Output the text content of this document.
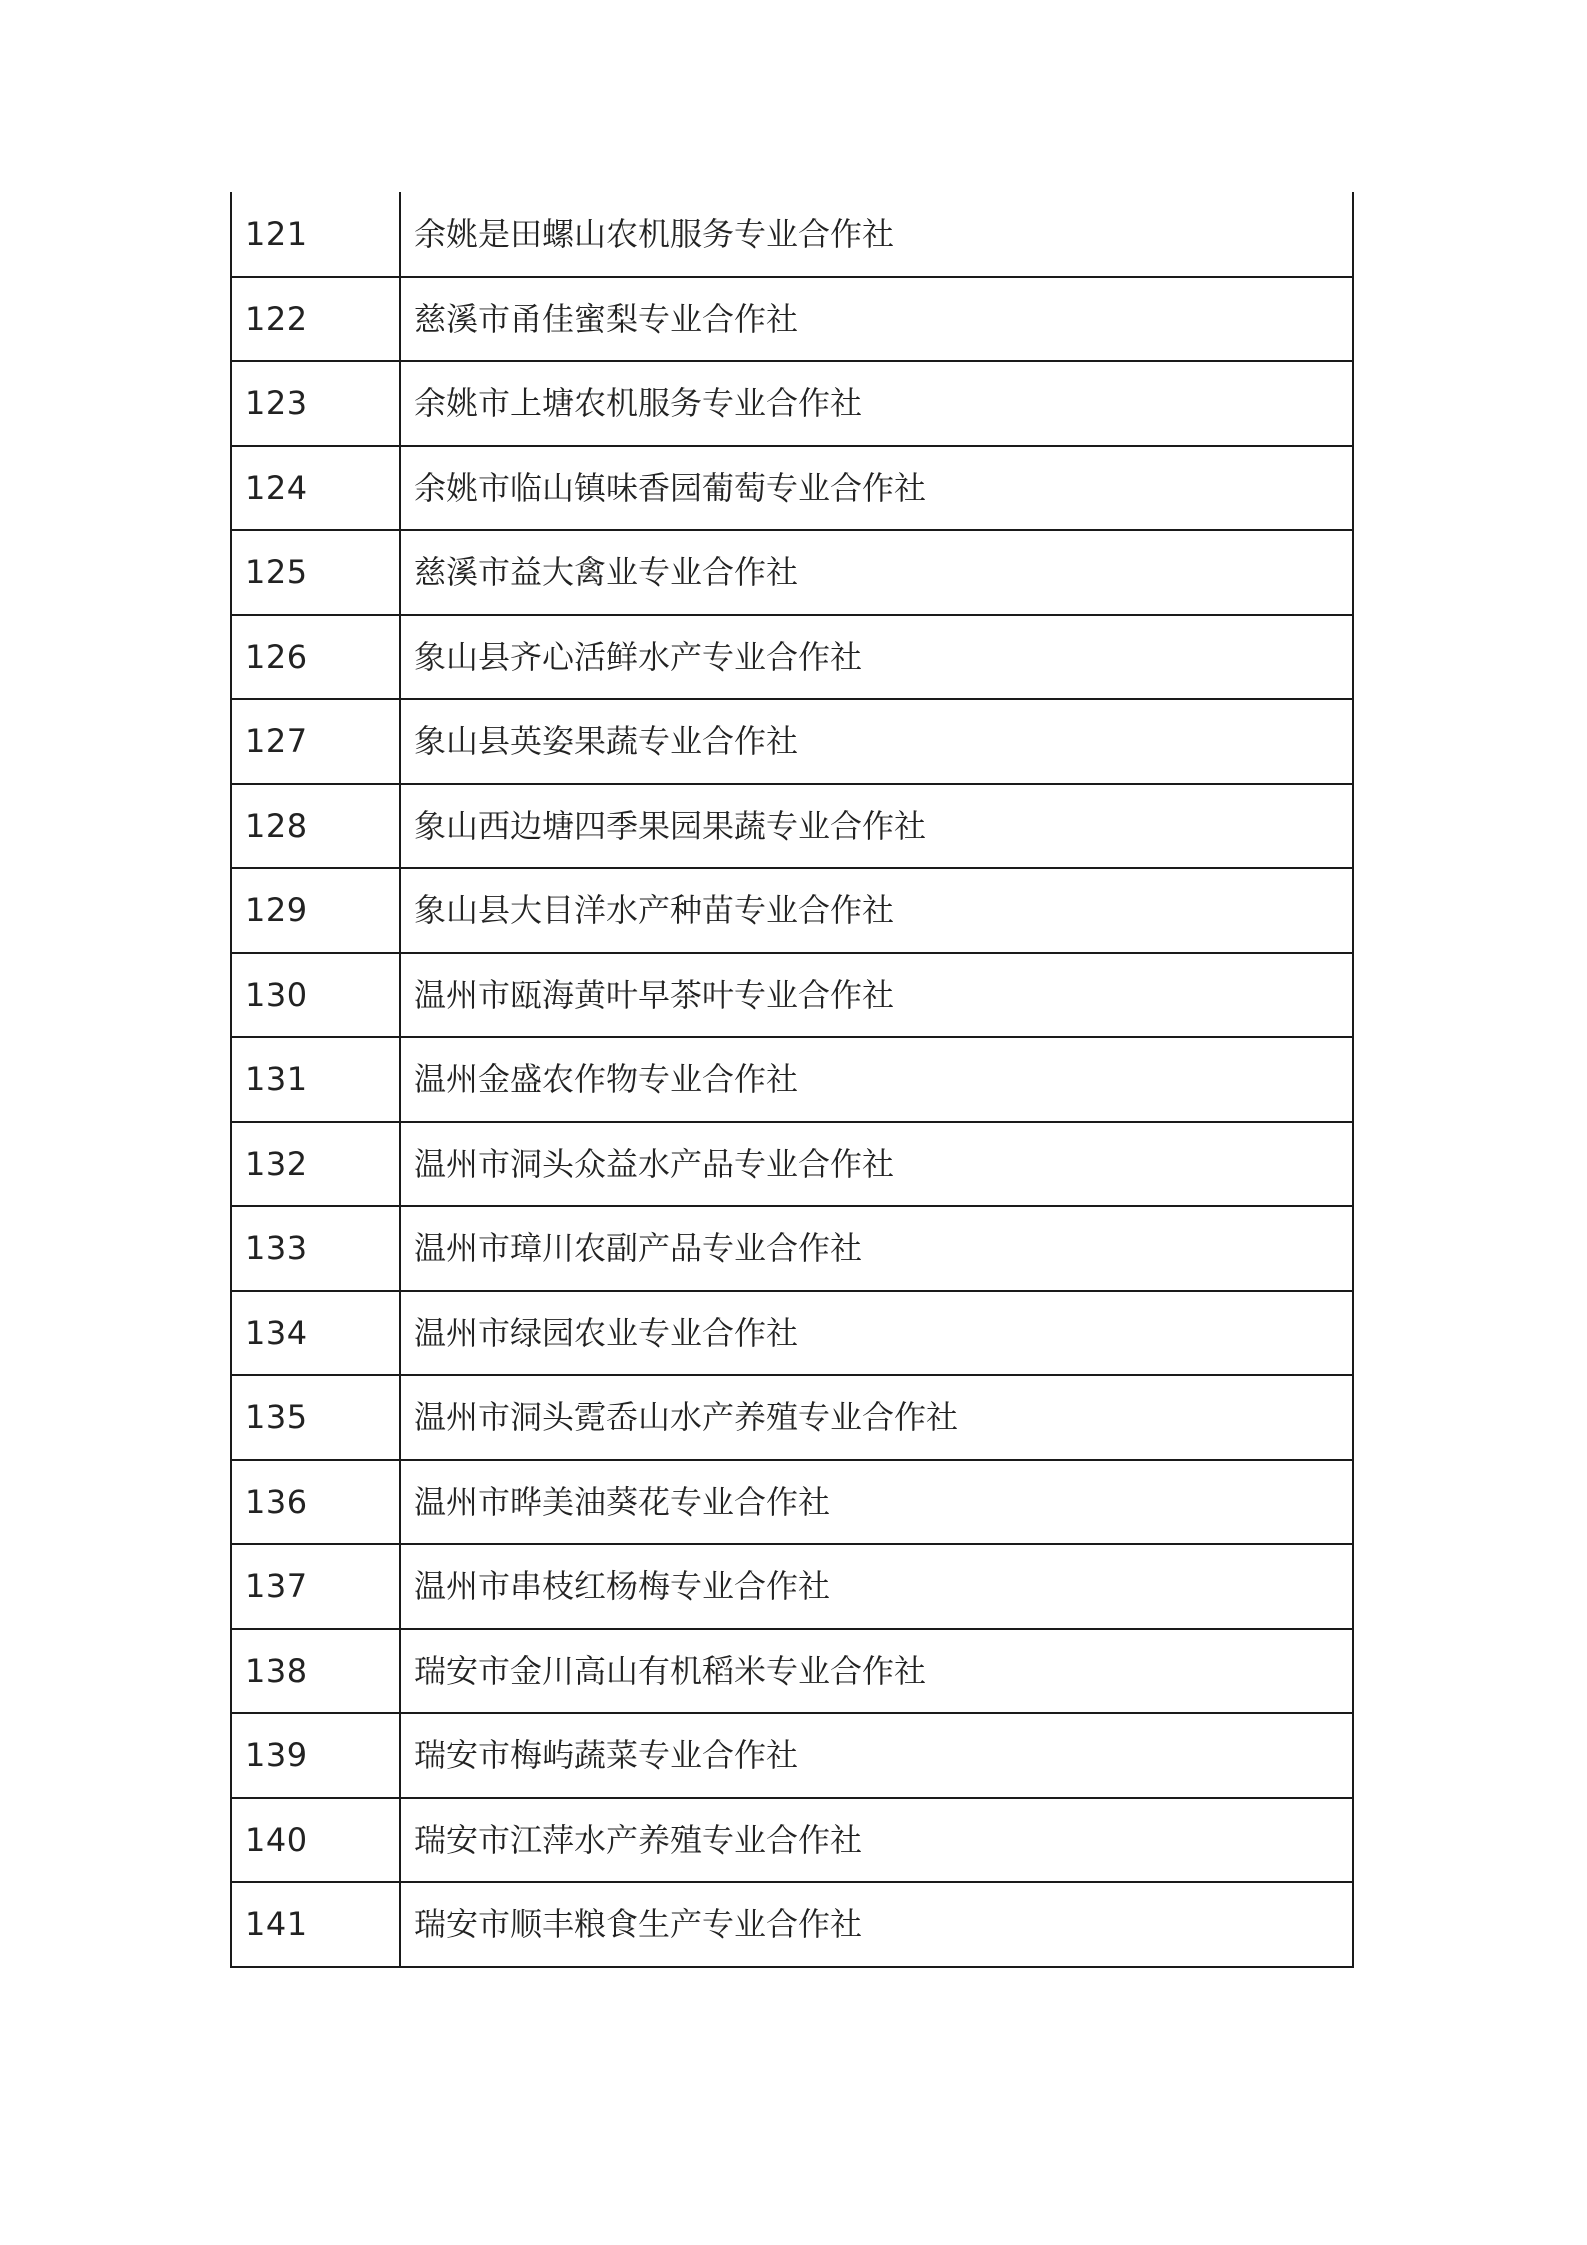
121	余姚是田螺山农机服务专业合作社
122	慈溪市甬佳蜜梨专业合作社
123	余姚市上塘农机服务专业合作社
124	余姚市临山镇味香园葡萄专业合作社
125	慈溪市益大禽业专业合作社
126	象山县齐心活鲜水产专业合作社
127	象山县英姿果蔬专业合作社
128	象山西边塘四季果园果蔬专业合作社
129	象山县大目洋水产种苗专业合作社
130	温州市瓯海黄叶早茶叶专业合作社
131	温州金盛农作物专业合作社
132	温州市洞头众益水产品专业合作社
133	温州市璋川农副产品专业合作社
134	温州市绿园农业专业合作社
135	温州市洞头霓岙山水产养殖专业合作社
136	温州市晔美油葵花专业合作社
137	温州市串枝红杨梅专业合作社
138	瑞安市金川高山有机稻米专业合作社
139	瑞安市梅屿蔬菜专业合作社
140	瑞安市江萍水产养殖专业合作社
141	瑞安市顺丰粮食生产专业合作社
